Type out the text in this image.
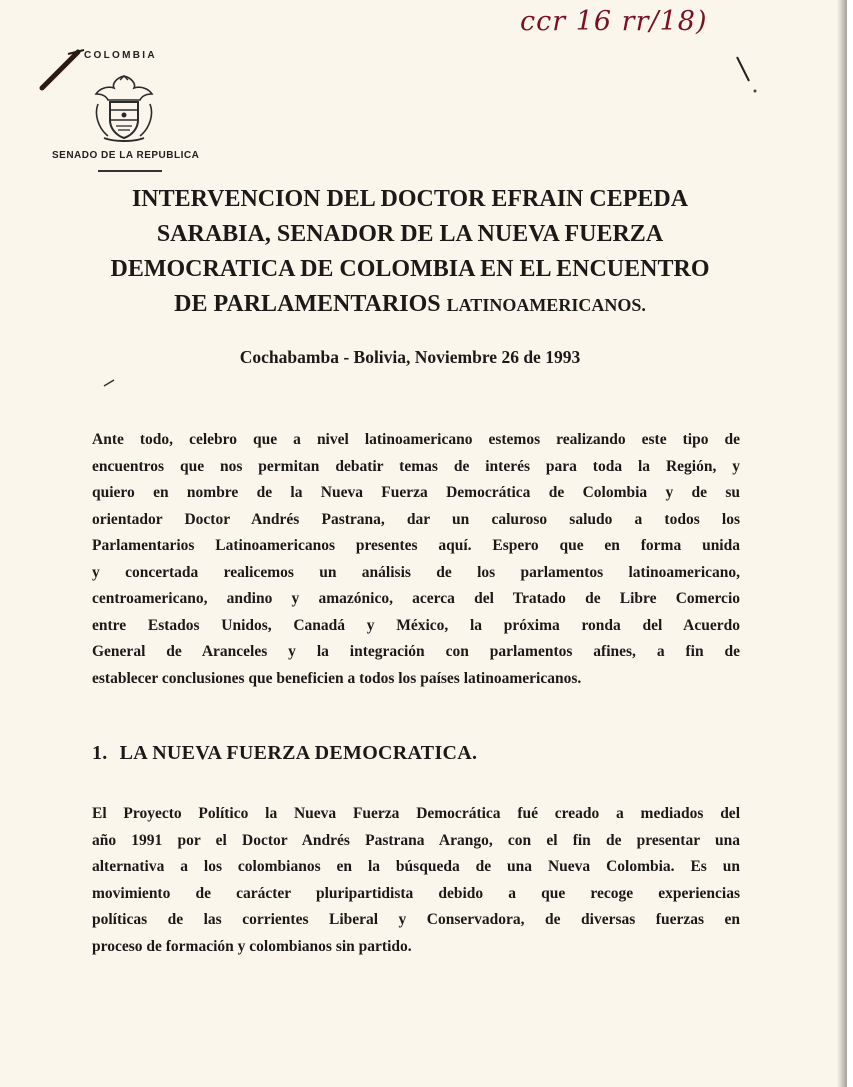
ccr 16 rr/18)
COLOMBIA
SENADO DE LA REPUBLICA
INTERVENCION DEL DOCTOR EFRAIN CEPEDA
SARABIA, SENADOR DE LA NUEVA FUERZA
DEMOCRATICA DE COLOMBIA EN EL ENCUENTRO
DE PARLAMENTARIOS LATINOAMERICANOS.
Cochabamba - Bolivia, Noviembre 26 de 1993
Ante todo, celebro que a nivel latinoamericano estemos realizando este tipo de
encuentros que nos permitan debatir temas de interés para toda la Región, y
quiero en nombre de la Nueva Fuerza Democrática de Colombia y de su
orientador Doctor Andrés Pastrana, dar un caluroso saludo a todos los
Parlamentarios Latinoamericanos presentes aquí. Espero que en forma unida
y concertada realicemos un análisis de los parlamentos latinoamericano,
centroamericano, andino y amazónico, acerca del Tratado de Libre Comercio
entre Estados Unidos, Canadá y México, la próxima ronda del Acuerdo
General de Aranceles y la integración con parlamentos afines, a fin de
establecer conclusiones que beneficien a todos los países latinoamericanos.
1. LA NUEVA FUERZA DEMOCRATICA.
El Proyecto Político la Nueva Fuerza Democrática fué creado a mediados del
año 1991 por el Doctor Andrés Pastrana Arango, con el fin de presentar una
alternativa a los colombianos en la búsqueda de una Nueva Colombia. Es un
movimiento de carácter pluripartidista debido a que recoge experiencias
políticas de las corrientes Liberal y Conservadora, de diversas fuerzas en
proceso de formación y colombianos sin partido.
